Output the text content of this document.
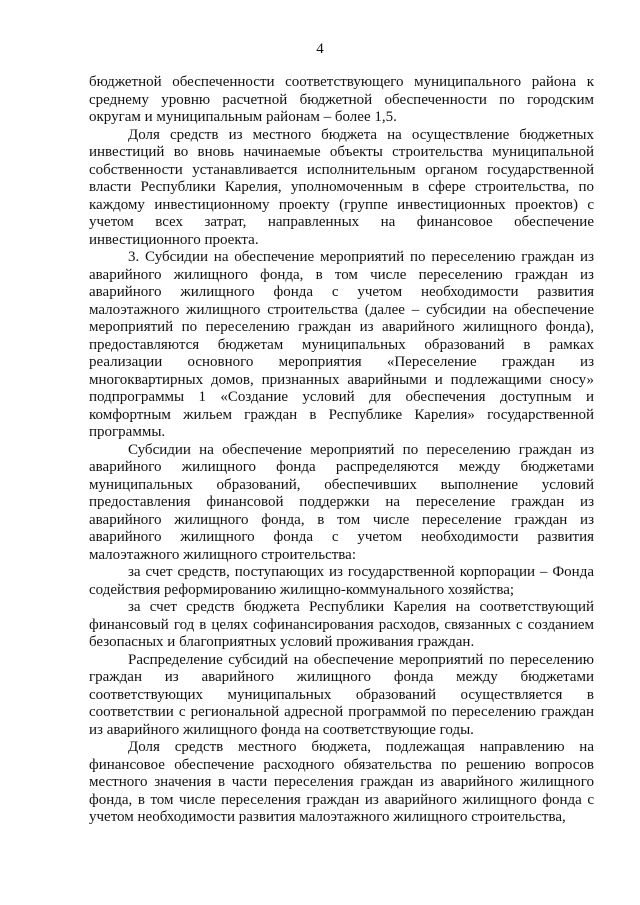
4

бюджетной обеспеченности соответствующего муниципального района к среднему уровню расчетной бюджетной обеспеченности по городским округам и муниципальным районам – более 1,5.

Доля средств из местного бюджета на осуществление бюджетных инвестиций во вновь начинаемые объекты строительства муниципальной собственности устанавливается исполнительным органом государственной власти Республики Карелия, уполномоченным в сфере строительства, по каждому инвестиционному проекту (группе инвестиционных проектов) с учетом всех затрат, направленных на финансовое обеспечение инвестиционного проекта.

3. Субсидии на обеспечение мероприятий по переселению граждан из аварийного жилищного фонда, в том числе переселению граждан из аварийного жилищного фонда с учетом необходимости развития малоэтажного жилищного строительства (далее – субсидии на обеспечение мероприятий по переселению граждан из аварийного жилищного фонда), предоставляются бюджетам муниципальных образований в рамках реализации основного мероприятия «Переселение граждан из многоквартирных домов, признанных аварийными и подлежащими сносу» подпрограммы 1 «Создание условий для обеспечения доступным и комфортным жильем граждан в Республике Карелия» государственной программы.

Субсидии на обеспечение мероприятий по переселению граждан из аварийного жилищного фонда распределяются между бюджетами муниципальных образований, обеспечивших выполнение условий предоставления финансовой поддержки на переселение граждан из аварийного жилищного фонда, в том числе переселение граждан из аварийного жилищного фонда с учетом необходимости развития малоэтажного жилищного строительства:

за счет средств, поступающих из государственной корпорации – Фонда содействия реформированию жилищно-коммунального хозяйства;

за счет средств бюджета Республики Карелия на соответствующий финансовый год в целях софинансирования расходов, связанных с созданием безопасных и благоприятных условий проживания граждан.

Распределение субсидий на обеспечение мероприятий по переселению граждан из аварийного жилищного фонда между бюджетами соответствующих муниципальных образований осуществляется в соответствии с региональной адресной программой по переселению граждан из аварийного жилищного фонда на соответствующие годы.

Доля средств местного бюджета, подлежащая направлению на финансовое обеспечение расходного обязательства по решению вопросов местного значения в части переселения граждан из аварийного жилищного фонда, в том числе переселения граждан из аварийного жилищного фонда с учетом необходимости развития малоэтажного жилищного строительства,
